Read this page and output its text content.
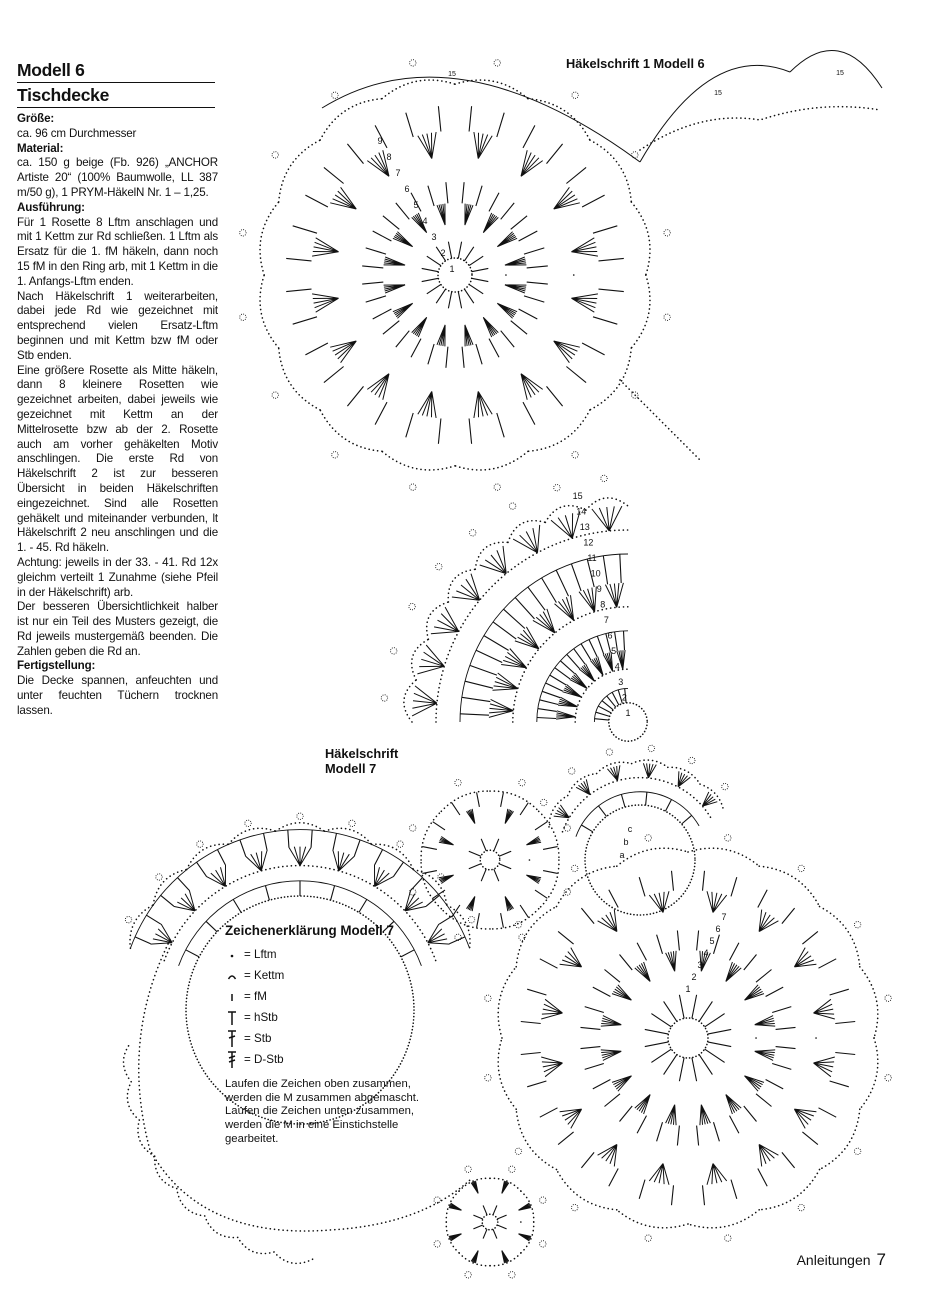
1
2
3
4
5
6
7
8
9
1
2
3
4
5
6
7
8
9
10
11
12
13
14
15
15
15
15
1
2
3
4
5
6
7
a
b
c
Modell 6
Tischdecke
Größe:
ca. 96 cm Durchmesser
Material:
ca. 150 g beige (Fb. 926) „ANCHOR Artiste 20“ (100% Baumwolle, LL 387 m/50 g), 1 PRYM-HäkelN Nr. 1 – 1,25.
Ausführung:
Für 1 Rosette 8 Lftm anschlagen und mit 1 Kettm zur Rd schließen. 1 Lftm als Ersatz für die 1. fM häkeln, dann noch 15 fM in den Ring arb, mit 1 Kettm in die 1. Anfangs-Lftm enden.
Nach Häkelschrift 1 weiterarbeiten, dabei jede Rd wie gezeichnet mit entsprechend vielen Ersatz-Lftm beginnen und mit Kettm bzw fM oder Stb enden.
Eine größere Rosette als Mitte häkeln, dann 8 kleinere Rosetten wie gezeichnet arbeiten, dabei jeweils wie gezeichnet mit Kettm an der Mittelrosette bzw ab der 2. Rosette auch am vorher gehäkelten Motiv anschlingen. Die erste Rd von Häkelschrift 2 ist zur besseren Übersicht in beiden Häkelschriften eingezeichnet. Sind alle Rosetten gehäkelt und miteinander verbunden, lt Häkelschrift 2 neu anschlingen und die 1. - 45. Rd häkeln.
Achtung: jeweils in der 33. - 41. Rd 12x gleichm verteilt 1 Zunahme (siehe Pfeil in der Häkelschrift) arb.
Der besseren Übersichtlichkeit halber ist nur ein Teil des Musters gezeigt, die Rd jeweils mustergemäß beenden. Die Zahlen geben die Rd an.
Fertigstellung:
Die Decke spannen, anfeuchten und unter feuchten Tüchern trocknen lassen.
Häkelschrift 1 Modell 6
Häkelschrift
Modell 7
Zeichenerklärung Modell 7
= Lftm
= Kettm
= fM
= hStb
= Stb
= D-Stb
Laufen die Zeichen oben zusammen, werden die M zusammen abgemascht. Laufen die Zeichen unten zusammen, werden die M in eine Einstichstelle gearbeitet.
Anleitungen 7
